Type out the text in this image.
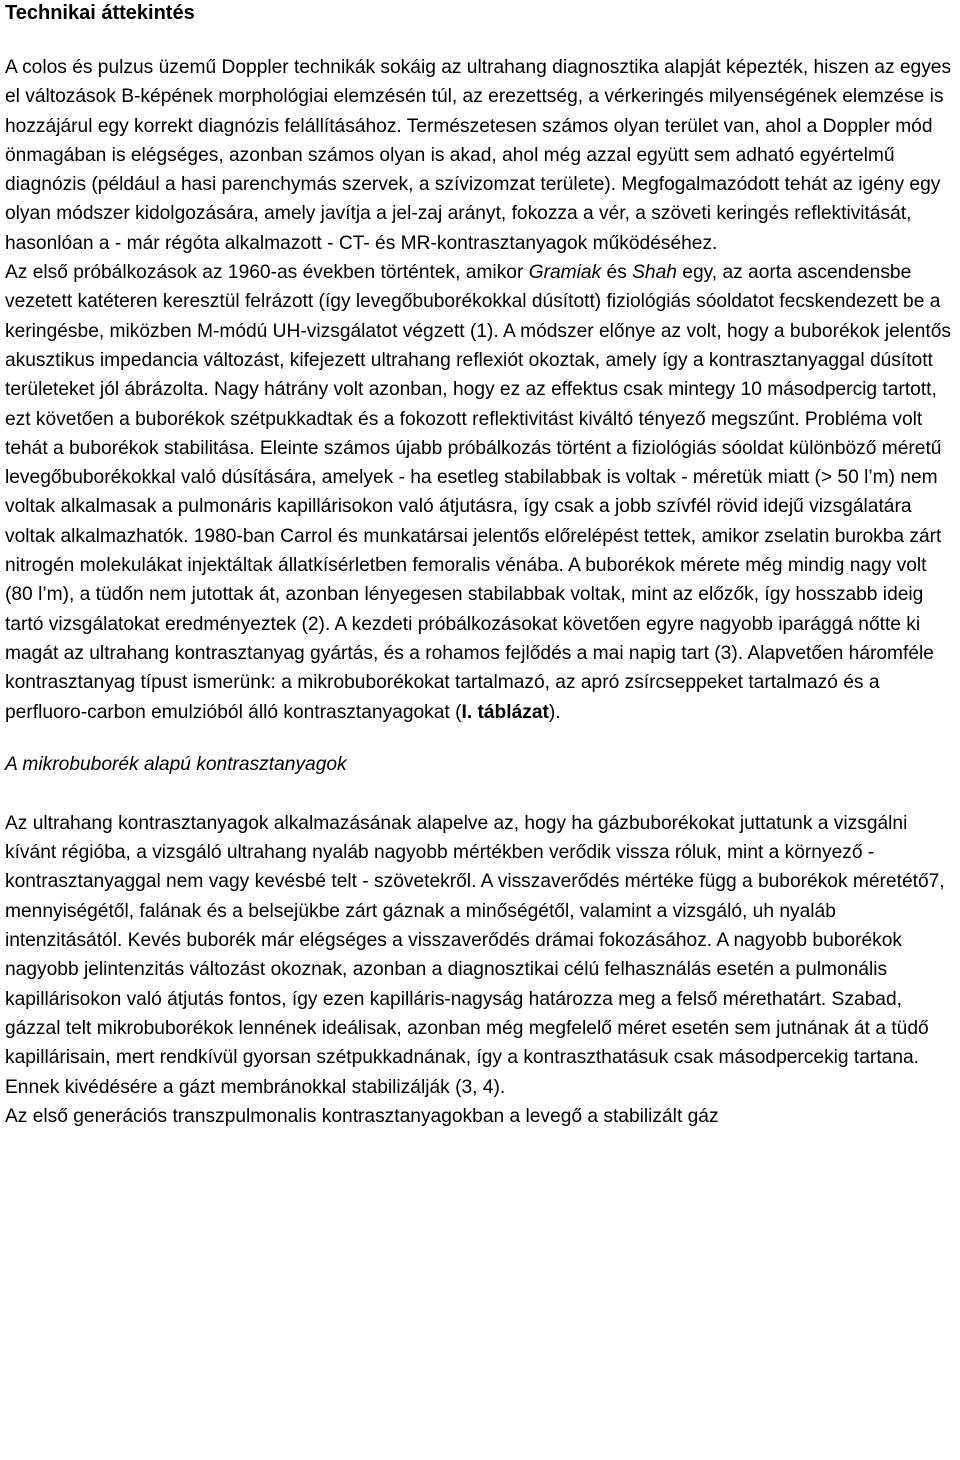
Technikai áttekintés

A colos és pulzus üzemű Doppler technikák sokáig az ultrahang diagnosztika alapját képezték, hiszen az egyes el változások B-képének morphológiai elemzésén túl, az erezettség, a vérkeringés milyenségének elemzése is hozzájárul egy korrekt diagnózis felállításához. Természetesen számos olyan terület van, ahol a Doppler mód önmagában is elégséges, azonban számos olyan is akad, ahol még azzal együtt sem adható egyértelmű diagnózis (például a hasi parenchymás szervek, a szívizomzat területe). Megfogalmazódott tehát az igény egy olyan módszer kidolgozására, amely javítja a jel-zaj arányt, fokozza a vér, a szöveti keringés reflektivitását, hasonlóan a - már régóta alkalmazott - CT- és MR-kontrasztanyagok működéséhez.

Az első próbálkozások az 1960-as években történtek, amikor Gramiak és Shah egy, az aorta ascendensbe vezetett katéteren keresztül felrázott (így levegőbuborékokkal dúsított) fiziológiás sóoldatot fecskendezett be a keringésbe, miközben M-módú UH-vizsgálatot végzett (1). A módszer előnye az volt, hogy a buborékok jelentős akusztikus impedancia változást, kifejezett ultrahang reflexiót okoztak, amely így a kontrasztanyaggal dúsított területeket jól ábrázolta. Nagy hátrány volt azonban, hogy ez az effektus csak mintegy 10 másodpercig tartott, ezt követően a buborékok szétpukkadtak és a fokozott reflektivitást kiváltó tényező megszűnt. Probléma volt tehát a buborékok stabilitása. Eleinte számos újabb próbálkozás történt a fiziológiás sóoldat különböző méretű levegőbuborékokkal való dúsítására, amelyek - ha esetleg stabilabbak is voltak - méretük miatt (> 50 l’m) nem voltak alkalmasak a pulmonáris kapillárisokon való átjutásra, így csak a jobb szívfél rövid idejű vizsgálatára voltak alkalmazhatók. 1980-ban Carrol és munkatársai jelentős előrelépést tettek, amikor zselatin burokba zárt nitrogén molekulákat injektáltak állatkísérletben femoralis vénába. A buborékok mérete még mindig nagy volt (80 l’m), a tüdőn nem jutottak át, azonban lényegesen stabilabbak voltak, mint az előzők, így hosszabb ideig tartó vizsgálatokat eredményeztek (2). A kezdeti próbálkozásokat követően egyre nagyobb iparággá nőtte ki magát az ultrahang kontrasztanyag gyártás, és a rohamos fejlődés a mai napig tart (3). Alapvetően háromféle kontrasztanyag típust ismerünk: a mikrobuborékokat tartalmazó, az apró zsírcseppeket tartalmazó és a perfluoro-carbon emulzióból álló kontrasztanyagokat (I. táblázat).

A mikrobuborék alapú kontrasztanyagok

Az ultrahang kontrasztanyagok alkalmazásának alapelve az, hogy ha gázbuborékokat juttatunk a vizsgálni kívánt régióba, a vizsgáló ultrahang nyaláb nagyobb mértékben verődik vissza róluk, mint a környező - kontrasztanyaggal nem vagy kevésbé telt - szövetekről. A visszaverődés mértéke függ a buborékok méretétő7, mennyiségétől, falának és a belsejükbe zárt gáznak a minőségétől, valamint a vizsgáló, uh nyaláb intenzitásától. Kevés buborék már elégséges a visszaverődés drámai fokozásához. A nagyobb buborékok nagyobb jelintenzitás változást okoznak, azonban a diagnosztikai célú felhasználás esetén a pulmonális kapillárisokon való átjutás fontos, így ezen kapilláris-nagyság határozza meg a felső mérethatárt. Szabad, gázzal telt mikrobuborékok lennének ideálisak, azonban még megfelelő méret esetén sem jutnának át a tüdő kapillárisain, mert rendkívül gyorsan szétpukkadnának, így a kontraszthatásuk csak másodpercekig tartana. Ennek kivédésére a gázt membránokkal stabilizálják (3, 4).

Az első generációs transzpulmonalis kontrasztanyagokban a levegő a stabilizált gáz
